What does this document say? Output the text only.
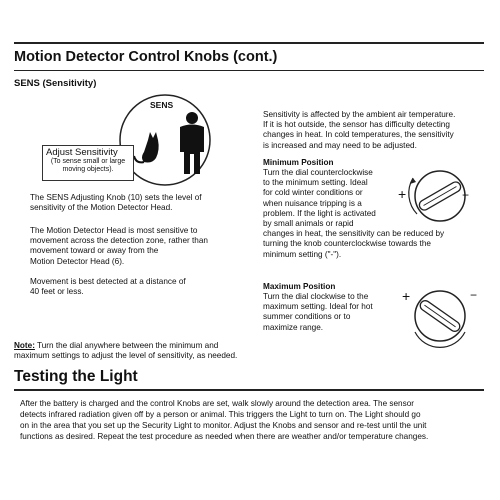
Motion Detector Control Knobs (cont.)
SENS (Sensitivity)
SENS
Adjust Sensitivity
(To sense small or large
moving objects).
The SENS Adjusting Knob (10) sets the level of
sensitivity of the Motion Detector Head.
The Motion Detector Head is most sensitive to
movement across the detection zone, rather than
movement toward or away from the
Motion Detector Head (6).
Movement is best detected at a distance of
40 feet or less.
Sensitivity is affected by the ambient air temperature.
If it is hot outside, the sensor has difficulty detecting
changes in heat. In cold temperatures, the sensitivity
is increased and may need to be adjusted.
Minimum Position
Turn the dial counterclockwise
to the minimum setting. Ideal
for cold winter conditions or
when nuisance tripping is a
problem. If the light is activated
by small animals or rapid
changes in heat, the sensitivity can be reduced by
turning the knob counterclockwise towards the
minimum setting ("-").
Maximum Position
Turn the dial clockwise to the
maximum setting. Ideal for hot
summer conditions or to
maximize range.
+	−
+	−
Note: Turn the dial anywhere between the minimum and
maximum settings to adjust the level of sensitivity, as needed.
Testing the Light
After the battery is charged and the control Knobs are set, walk slowly around the detection area. The sensor
detects infrared radiation given off by a person or animal. This triggers the Light to turn on. The Light should go
on in the area that you set up the Security Light to monitor. Adjust the Knobs and sensor and re-test until the unit
functions as desired. Repeat the test procedure as needed when there are weather and/or temperature changes.
